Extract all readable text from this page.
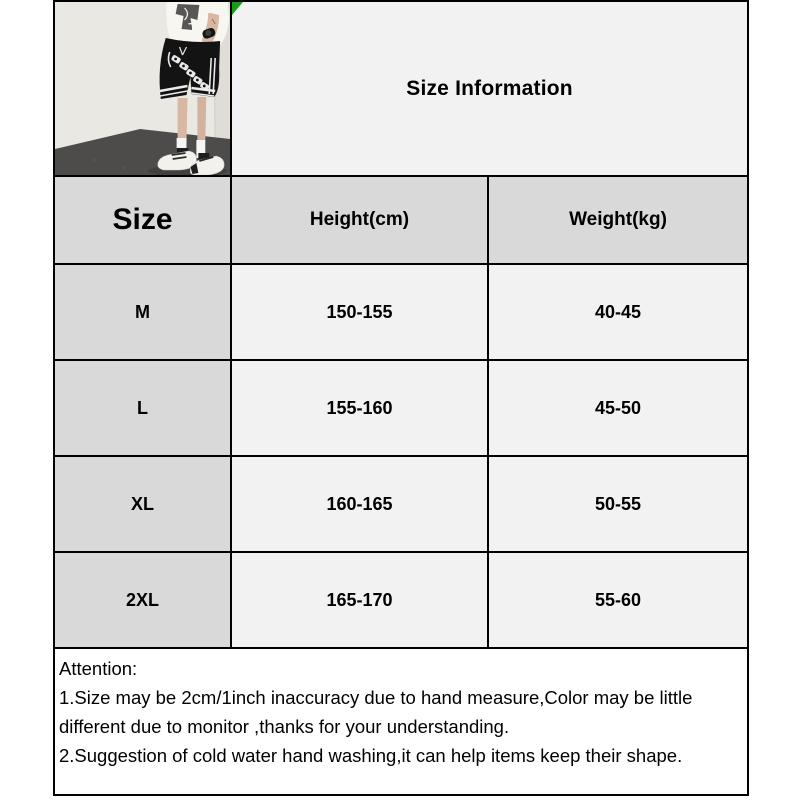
Size Information	
Size	Height(cm)	Weight(kg)
M	150-155	40-45
L	155-160	45-50
XL	160-165	50-55
2XL	165-170	55-60

Attention:
1.Size may be 2cm/1inch inaccuracy due to hand measure,Color may be little
different due to monitor ,thanks for your understanding.
2.Suggestion of cold water hand washing,it can help items keep their shape.		
